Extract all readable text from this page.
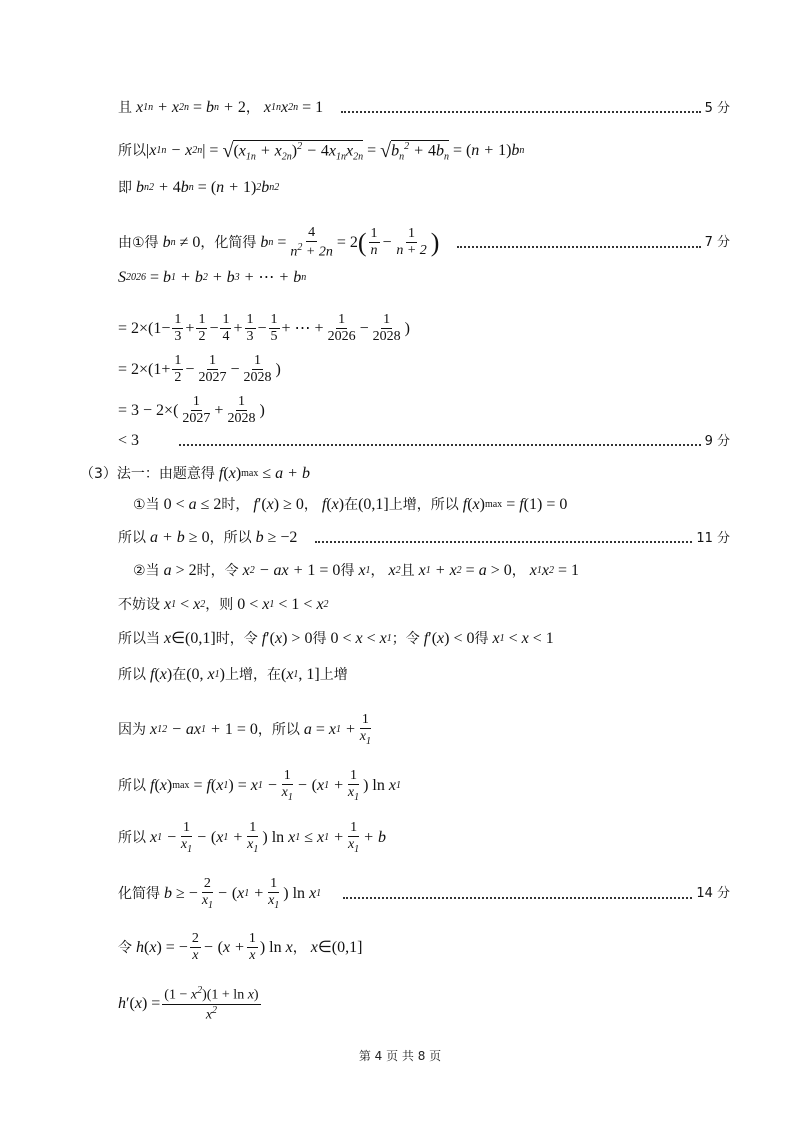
且 x 1n + x 2n
= b n + 2 ， x 1n x 2n
= 1	5 分
所以 | x 1n − x 2n |
=
√ $(x_{1n} + x_{2n})^2 - 4x_{1n}x_{2n}$
=
√ $b_n^2 + 4b_n$
= ( n + 1) b n
即 b n 2 + 4 b n
= ( n + 1) 2 b n 2
由①得 b n
≠ 0 ，化简得 b n
= $\frac{4}{n^2 + 2n} = 2$ ( $\frac{1}{n} - \frac{1}{n + 2}$ )	7 分
S 2026
= b 1 + b 2 + b 3 + ⋯ + b n
= $2\times(1- \frac{1}{3} + \frac{1}{2} - \frac{1}{4} + \frac{1}{3} - \frac{1}{5}$ + ⋯ + $\frac{1}{2026} - \frac{1}{2028}$ )
= $2\times(1+ \frac{1}{2} - \frac{1}{2027} - \frac{1}{2028}$ )
= $3 - 2\times( \frac{1}{2027} + \frac{1}{2028}$ )
< 3	9 分
（3）法一：由题意得 f ( x ) max
≤ a + b
①当
0 < a ≤ 2 时， f ′( x ) ≥ 0 ， f ( x ) 在 (0,1] 上增，所以 f ( x ) max
= f (1) = 0
所以 a + b ≥ 0 ，所以 b ≥ −2	11 分
②当 a > 2 时，令 x 2 − ax + 1 = 0 得 x 1 ， x 2 且 x 1 + x 2
= a > 0 ， x 1 x 2
= 1
不妨设 x 1
< x 2 ，则
0 < x 1
< 1 < x 2
所以当 x ∈(0,1] 时，令 f ′( x ) > 0 得
0 < x < x 1 ；令 f ′( x ) < 0 得 x 1
< x < 1
所以 f ( x ) 在 (0, x 1 ) 上增，在 ( x 1 , 1] 上增
因为 x 1 2 − ax 1 + 1 = 0 ，所以 a = x $1 + \frac{1}{x_1}$
所以 f ( x ) max
= f ( x 1 ) = x $1 - \frac{1}{x_1}$ − ( x $1 + \frac{1}{x_1}$ ) ln x 1
所以 x $1 - \frac{1}{x_1}$ − ( x $1 + \frac{1}{x_1}$ ) ln x 1
≤ x $1 + \frac{1}{x_1} + b$
化简得 b ≥ − $\frac{2}{x_1}$ − ( x $1 + \frac{1}{x_1}$ ) ln x 1	14 分
令 h ( x ) = − $\frac{2}{x}$ − ( $x + \frac{1}{x}$ ) ln x ， x ∈(0,1]
h ′( x ) = $\frac{(1 - x^2)(1 + \ln x)}{x^2}$
第 4 页 共 8 页
